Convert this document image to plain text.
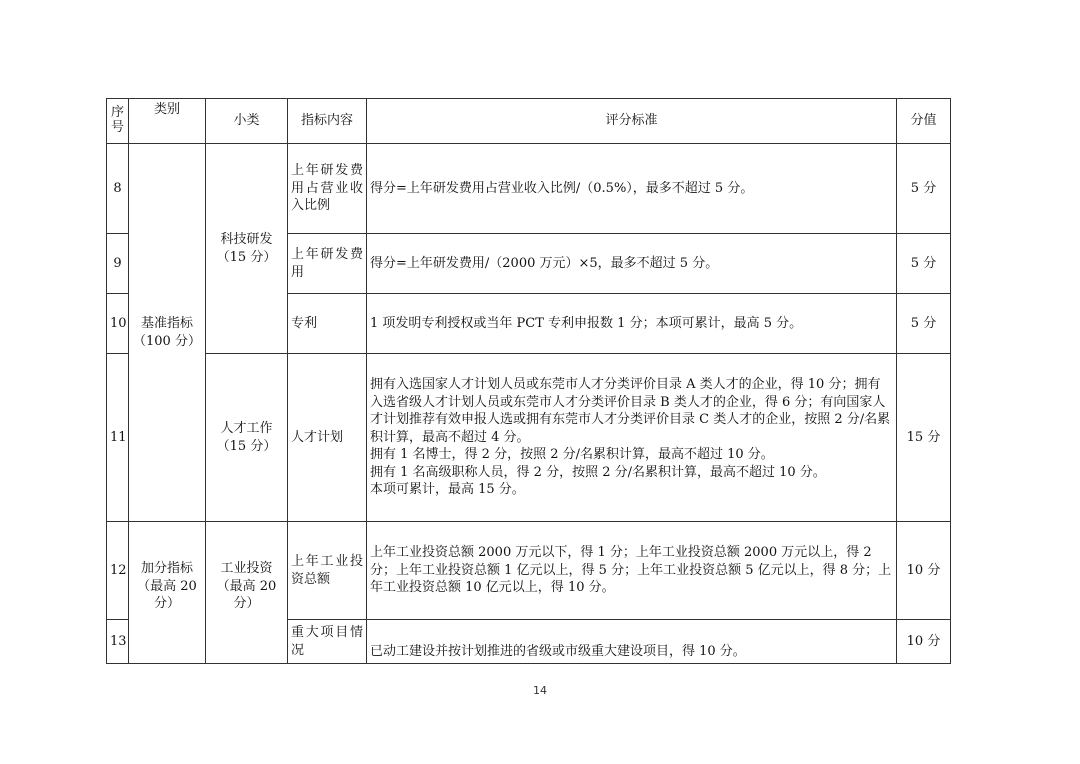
序号	类别	小类	指标内容	评分标准	分值
8	基准指标（100 分）	科技研发（15 分）	上年研发费用占营业收入比例	得分=上年研发费用占营业收入比例/（0.5%），最多不超过 5 分。	5 分
9			上年研发费用	得分=上年研发费用/（2000 万元）×5，最多不超过 5 分。	5 分
10			专利	1 项发明专利授权或当年 PCT 专利申报数 1 分；本项可累计，最高 5 分。	5 分
11		人才工作（15 分）	人才计划	拥有入选国家人才计划人员或东莞市人才分类评价目录 A 类人才的企业，得 10 分；拥有入选省级人才计划人员或东莞市人才分类评价目录 B 类人才的企业，得 6 分；有向国家人才计划推荐有效申报人选或拥有东莞市人才分类评价目录 C 类人才的企业，按照 2 分/名累积计算，最高不超过 4 分。
拥有 1 名博士，得 2 分，按照 2 分/名累积计算，最高不超过 10 分。
拥有 1 名高级职称人员，得 2 分，按照 2 分/名累积计算，最高不超过 10 分。
本项可累计，最高 15 分。	15 分
12	加分指标（最高 20 分）	工业投资（最高 20 分）	上年工业投资总额	上年工业投资总额 2000 万元以下，得 1 分；上年工业投资总额 2000 万元以上，得 2 分；上年工业投资总额 1 亿元以上，得 5 分；上年工业投资总额 5 亿元以上，得 8 分；上年工业投资总额 10 亿元以上，得 10 分。	10 分
13			重大项目情况	已动工建设并按计划推进的省级或市级重大建设项目，得 10 分。	10 分
14
